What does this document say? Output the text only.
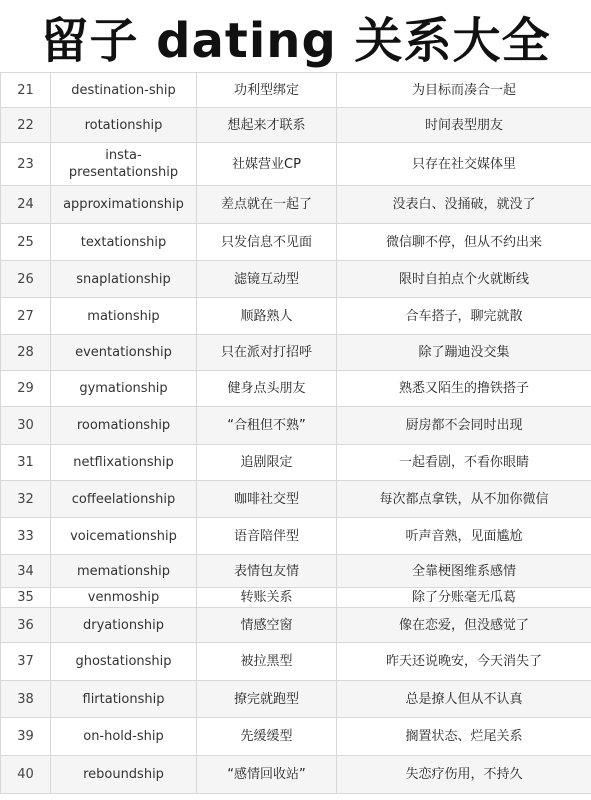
留子 dating 关系大全
21	destination-ship	功利型绑定	为目标而凑合一起
22	rotationship	想起来才联系	时间表型朋友
23	insta-
presentationship	社媒营业CP	只存在社交媒体里
24	approximationship	差点就在一起了	没表白、没捅破，就没了
25	textationship	只发信息不见面	微信聊不停，但从不约出来
26	snaplationship	滤镜互动型	限时自拍点个火就断线
27	mationship	顺路熟人	合车搭子，聊完就散
28	eventationship	只在派对打招呼	除了蹦迪没交集
29	gymationship	健身点头朋友	熟悉又陌生的撸铁搭子
30	roomationship	“合租但不熟”	厨房都不会同时出现
31	netflixationship	追剧限定	一起看剧，不看你眼睛
32	coffeelationship	咖啡社交型	每次都点拿铁，从不加你微信
33	voicemationship	语音陪伴型	听声音熟，见面尴尬
34	memationship	表情包友情	全靠梗图维系感情
35	venmoship	转账关系	除了分账毫无瓜葛
36	dryationship	情感空窗	像在恋爱，但没感觉了
37	ghostationship	被拉黑型	昨天还说晚安，今天消失了
38	flirtationship	撩完就跑型	总是撩人但从不认真
39	on-hold-ship	先缓缓型	搁置状态、烂尾关系
40	reboundship	“感情回收站”	失恋疗伤用，不持久
